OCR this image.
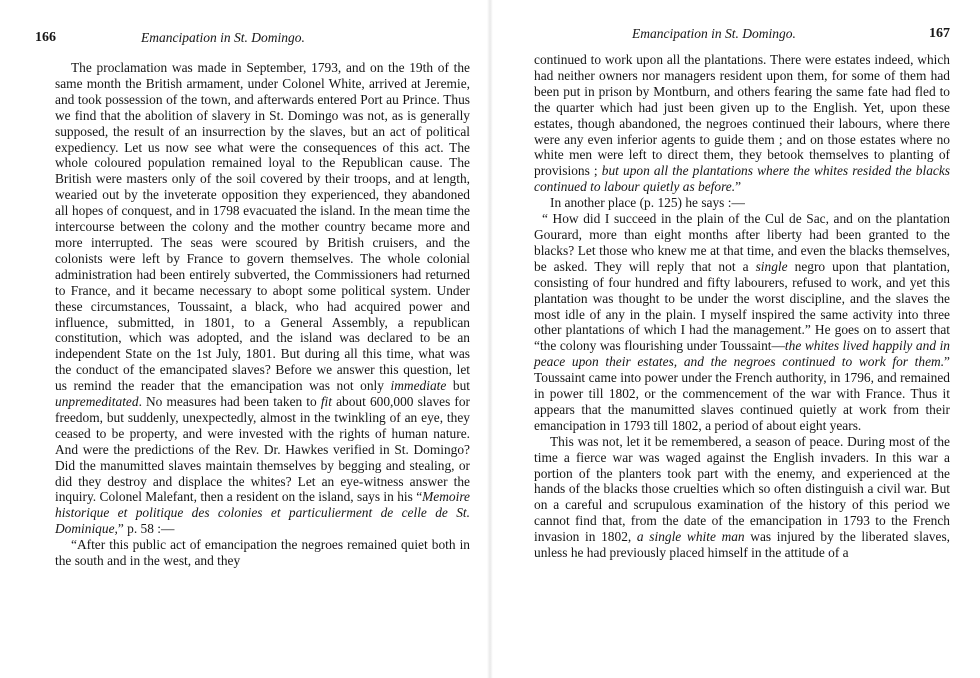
166	Emancipation in St. Domingo.

The proclamation was made in September, 1793, and on the 19th of the same month the British armament, under Colonel White, arrived at Jeremie, and took possession of the town, and afterwards entered Port au Prince. Thus we find that the abolition of slavery in St. Domingo was not, as is generally supposed, the result of an insurrection by the slaves, but an act of political expediency. Let us now see what were the consequences of this act. The whole coloured population remained loyal to the Republican cause. The British were masters only of the soil covered by their troops, and at length, wearied out by the inveterate opposition they experienced, they abandoned all hopes of conquest, and in 1798 evacuated the island. In the mean time the intercourse between the colony and the mother country became more and more interrupted. The seas were scoured by British cruisers, and the colonists were left by France to govern themselves. The whole colonial administration had been entirely subverted, the Commissioners had returned to France, and it became necessary to abopt some political system. Under these circumstances, Toussaint, a black, who had acquired power and influence, submitted, in 1801, to a General Assembly, a republican constitution, which was adopted, and the island was declared to be an independent State on the 1st July, 1801. But during all this time, what was the conduct of the emancipated slaves? Before we answer this question, let us remind the reader that the emancipation was not only immediate but unpremeditated. No measures had been taken to fit about 600,000 slaves for freedom, but suddenly, unexpectedly, almost in the twinkling of an eye, they ceased to be property, and were invested with the rights of human nature. And were the predictions of the Rev. Dr. Hawkes verified in St. Domingo? Did the manumitted slaves maintain themselves by begging and stealing, or did they destroy and displace the whites? Let an eye-witness answer the inquiry. Colonel Malefant, then a resident on the island, says in his “Memoire historique et politique des colonies et particulierment de celle de St. Dominique,” p. 58 :—

“After this public act of emancipation the negroes remained quiet both in the south and in the west, and they

Emancipation in St. Domingo.	167

continued to work upon all the plantations. There were estates indeed, which had neither owners nor managers resident upon them, for some of them had been put in prison by Montburn, and others fearing the same fate had fled to the quarter which had just been given up to the English. Yet, upon these estates, though abandoned, the negroes continued their labours, where there were any even inferior agents to guide them ; and on those estates where no white men were left to direct them, they betook themselves to planting of provisions ; but upon all the plantations where the whites resided the blacks continued to labour quietly as before.”

In another place (p. 125) he says :—

“ How did I succeed in the plain of the Cul de Sac, and on the plantation Gourard, more than eight months after liberty had been granted to the blacks? Let those who knew me at that time, and even the blacks themselves, be asked. They will reply that not a single negro upon that plantation, consisting of four hundred and fifty labourers, refused to work, and yet this plantation was thought to be under the worst discipline, and the slaves the most idle of any in the plain. I myself inspired the same activity into three other plantations of which I had the management.” He goes on to assert that “the colony was flourishing under Toussaint—the whites lived happily and in peace upon their estates, and the negroes continued to work for them.” Toussaint came into power under the French authority, in 1796, and remained in power till 1802, or the commencement of the war with France. Thus it appears that the manumitted slaves continued quietly at work from their emancipation in 1793 till 1802, a period of about eight years.

This was not, let it be remembered, a season of peace. During most of the time a fierce war was waged against the English invaders. In this war a portion of the planters took part with the enemy, and experienced at the hands of the blacks those cruelties which so often distinguish a civil war. But on a careful and scrupulous examination of the history of this period we cannot find that, from the date of the emancipation in 1793 to the French invasion in 1802, a single white man was injured by the liberated slaves, unless he had previously placed himself in the attitude of a
